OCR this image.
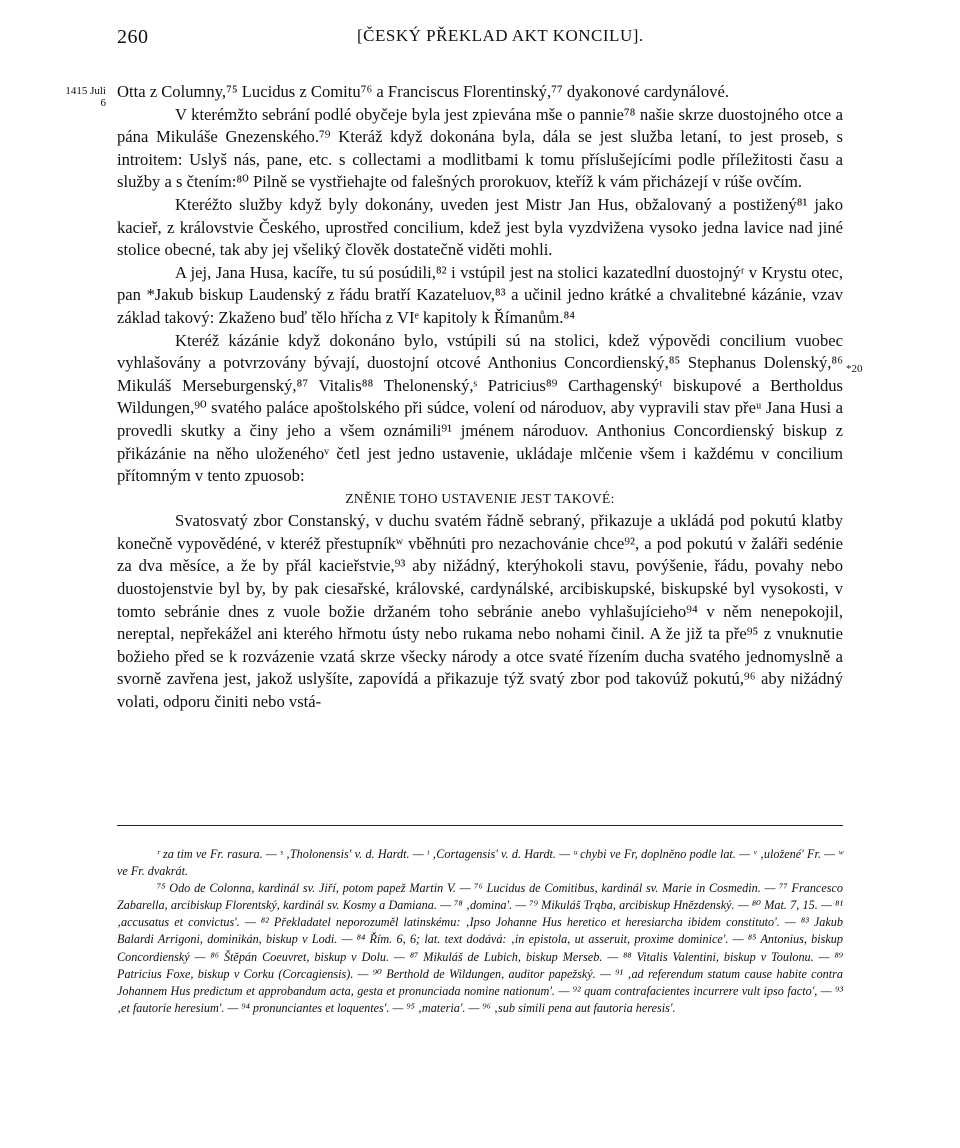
260	[ČESKÝ PŘEKLAD AKT KONCILU].
1415 Juli 6
*20

Otta z Columny,⁷⁵ Lucidus z Comitu⁷⁶ a Franciscus Florentinský,⁷⁷ dyakonové cardynálové.

V kterémžto sebrání podlé obyčeje byla jest zpievána mše o pannie⁷⁸ našie skrze duostojného otce a pána Mikuláše Gnezenského.⁷⁹ Kteráž když dokonána byla, dála se jest služba letaní, to jest proseb, s introitem: Uslyš nás, pane, etc. s collectami a modlitbami k tomu příslušejícími podle příležitosti času a služby a s čtením:⁸⁰ Pilně se vystřiehajte od falešných prorokuov, kteříž k vám přicházejí v rúše ovčím.

Kteréžto služby když byly dokonány, uveden jest Mistr Jan Hus, obžalovaný a postižený⁸¹ jako kacieř, z královstvie Českého, uprostřed concilium, kdež jest byla vyzdvižena vysoko jedna lavice nad jiné stolice obecné, tak aby jej všeliký člověk dostatečně viděti mohli.

A jej, Jana Husa, kacíře, tu sú posúdili,⁸² i vstúpil jest na stolici kazatedlní duostojnýʳ v Krystu otec, pan *Jakub biskup Laudenský z řádu bratří Kazateluov,⁸³ a učinil jedno krátké a chvalitebné kázánie, vzav základ takový: Zkaženo buď tělo hřícha z VIᵉ kapitoly k Římanům.⁸⁴

Kteréž kázánie když dokonáno bylo, vstúpili sú na stolici, kdež výpovědi concilium vuobec vyhlašovány a potvrzovány bývají, duostojní otcové Anthonius Concordienský,⁸⁵ Stephanus Dolenský,⁸⁶ Mikuláš Merseburgenský,⁸⁷ Vitalis⁸⁸ Thelonenský,ˢ Patricius⁸⁹ Carthagenskýᵗ biskupové a Bertholdus Wildungen,⁹⁰ svatého paláce apoštolského při súdce, volení od národuov, aby vypravili stav přeᵘ Jana Husi a provedli skutky a činy jeho a všem oznámili⁹¹ jménem národuov. Anthonius Concordienský biskup z přikázánie na něho uloženéhoᵛ četl jest jedno ustavenie, ukládaje mlčenie všem i každému v concilium přítomným v tento zpuosob:

ZNĚNIE TOHO USTAVENIE JEST TAKOVÉ:

Svatosvatý zbor Constanský, v duchu svatém řádně sebraný, přikazuje a ukládá pod pokutú klatby konečně vypovědéné, v kteréž přestupníkʷ vběhnúti pro nezachovánie chce⁹², a pod pokutú v žaláři sedénie za dva měsíce, a že by přál kacieřstvie,⁹³ aby nižádný, kterýhokoli stavu, povýšenie, řádu, povahy nebo duostojenstvie byl by, by pak ciesařské, královské, cardynálské, arcibiskupské, biskupské byl vysokosti, v tomto sebránie dnes z vuole božie držaném toho sebránie anebo vyhlašujícieho⁹⁴ v něm nenepokojil, nereptal, nepřekážel ani kterého hřmotu ústy nebo rukama nebo nohami činil. A že již ta pře⁹⁵ z vnuknutie božieho před se k rozvázenie vzatá skrze všecky národy a otce svaté řízením ducha svatého jednomyslně a svorně zavřena jest, jakož uslyšíte, zapovídá a přikazuje týž svatý zbor pod takovúž pokutú,⁹⁶ aby nižádný volati, odporu činiti nebo vstá-

ʳ za tim ve Fr. rasura. — ˢ ‚Tholonensis' v. d. Hardt. — ᵗ ‚Cortagensis' v. d. Hardt. — ᵘ chybi ve Fr, doplněno podle lat. — ᵛ ‚uložené' Fr. — ʷ ve Fr. dvakrát.

⁷⁵ Odo de Colonna, kardinál sv. Jiří, potom papež Martin V. — ⁷⁶ Lucidus de Comitibus, kardinál sv. Marie in Cosmedin. — ⁷⁷ Francesco Zabarella, arcibiskup Florentský, kardinál sv. Kosmy a Damiana. — ⁷⁸ ‚domina'. — ⁷⁹ Mikuláš Trąba, arcibiskup Hnězdenský. — ⁸⁰ Mat. 7, 15. — ⁸¹ ‚accusatus et convictus'. — ⁸² Překladatel neporozuměl latinskému: ‚Ipso Johanne Hus heretico et heresiarcha ibidem constituto'. — ⁸³ Jakub Balardi Arrigoni, dominikán, biskup v Lodi. — ⁸⁴ Řím. 6, 6; lat. text dodává: ‚in epistola, ut asseruit, proxime dominice'. — ⁸⁵ Antonius, biskup Concordienský — ⁸⁶ Štěpán Coeuvret, biskup v Dolu. — ⁸⁷ Mikuláš de Lubich, biskup Merseb. — ⁸⁸ Vitalis Valentini, biskup v Toulonu. — ⁸⁹ Patricius Foxe, biskup v Corku (Corcagiensis). — ⁹⁰ Berthold de Wildungen, auditor papežský. — ⁹¹ ‚ad referendum statum cause habite contra Johannem Hus predictum et approbandum acta, gesta et pronunciada nomine nationum'. — ⁹² quam contrafacientes incurrere vult ipso facto', — ⁹³ ‚et fautorie heresium'. — ⁹⁴ pronunciantes et loquentes'. — ⁹⁵ ‚materia'. — ⁹⁶ ‚sub simili pena aut fautoria heresis'.
